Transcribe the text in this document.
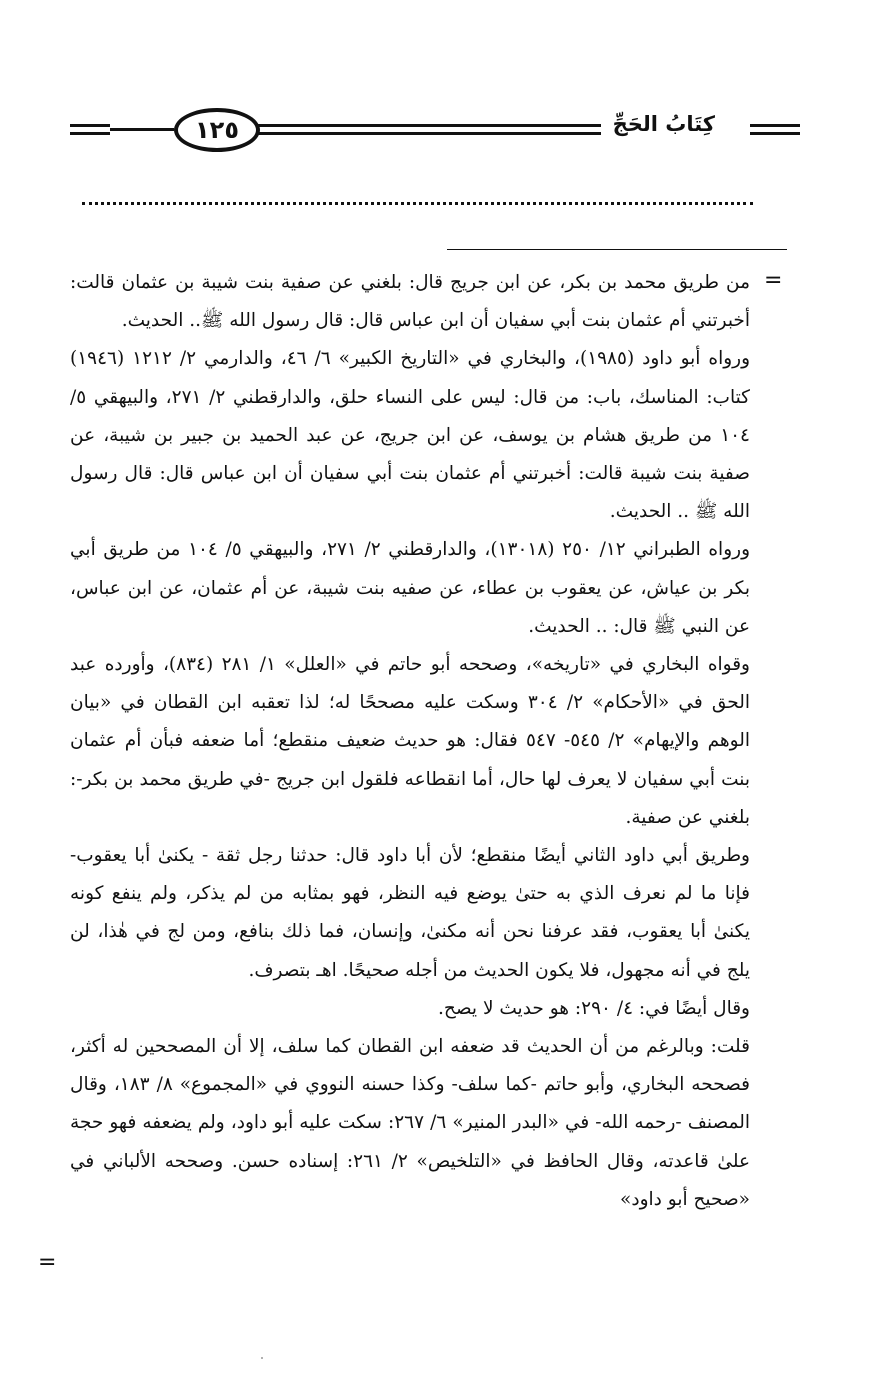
١٢٥	كِتَابُ الحَجِّ
=
=

من طريق محمد بن بكر، عن ابن جريج قال: بلغني عن صفية بنت شيبة بن عثمان قالت: أخبرتني أم عثمان بنت أبي سفيان أن ابن عباس قال: قال رسول الله ﷺ.. الحديث.

ورواه أبو داود (١٩٨٥)، والبخاري في «التاريخ الكبير» ٦/ ٤٦، والدارمي ٢/ ١٢١٢ (١٩٤٦) كتاب: المناسك، باب: من قال: ليس على النساء حلق، والدارقطني ٢/ ٢٧١، والبيهقي ٥/ ١٠٤ من طريق هشام بن يوسف، عن ابن جريج، عن عبد الحميد بن جبير بن شيبة، عن صفية بنت شيبة قالت: أخبرتني أم عثمان بنت أبي سفيان أن ابن عباس قال: قال رسول الله ﷺ .. الحديث.

ورواه الطبراني ١٢/ ٢٥٠ (١٣٠١٨)، والدارقطني ٢/ ٢٧١، والبيهقي ٥/ ١٠٤ من طريق أبي بكر بن عياش، عن يعقوب بن عطاء، عن صفيه بنت شيبة، عن أم عثمان، عن ابن عباس، عن النبي ﷺ قال: .. الحديث.

وقواه البخاري في «تاريخه»، وصححه أبو حاتم في «العلل» ١/ ٢٨١ (٨٣٤)، وأورده عبد الحق في «الأحكام» ٢/ ٣٠٤ وسكت عليه مصححًا له؛ لذا تعقبه ابن القطان في «بيان الوهم والإيهام» ٢/ ٥٤٥- ٥٤٧ فقال: هو حديث ضعيف منقطع؛ أما ضعفه فبأن أم عثمان بنت أبي سفيان لا يعرف لها حال، أما انقطاعه فلقول ابن جريج -في طريق محمد بن بكر-: بلغني عن صفية.

وطريق أبي داود الثاني أيضًا منقطع؛ لأن أبا داود قال: حدثنا رجل ثقة - يكنىٰ أبا يعقوب- فإنا ما لم نعرف الذي به حتىٰ يوضع فيه النظر، فهو بمثابه من لم يذكر، ولم ينفع كونه يكنىٰ أبا يعقوب، فقد عرفنا نحن أنه مكنىٰ، وإنسان، فما ذلك بنافع، ومن لج في هٰذا، لن يلج في أنه مجهول، فلا يكون الحديث من أجله صحيحًا. اهـ بتصرف.

وقال أيضًا في: ٤/ ٢٩٠: هو حديث لا يصح.

قلت: وبالرغم من أن الحديث قد ضعفه ابن القطان كما سلف، إلا أن المصححين له أكثر، فصححه البخاري، وأبو حاتم -كما سلف- وكذا حسنه النووي في «المجموع» ٨/ ١٨٣، وقال المصنف -رحمه الله- في «البدر المنير» ٦/ ٢٦٧: سكت عليه أبو داود، ولم يضعفه فهو حجة علىٰ قاعدته، وقال الحافظ في «التلخيص» ٢/ ٢٦١: إسناده حسن. وصححه الألباني في «صحيح أبو داود»
